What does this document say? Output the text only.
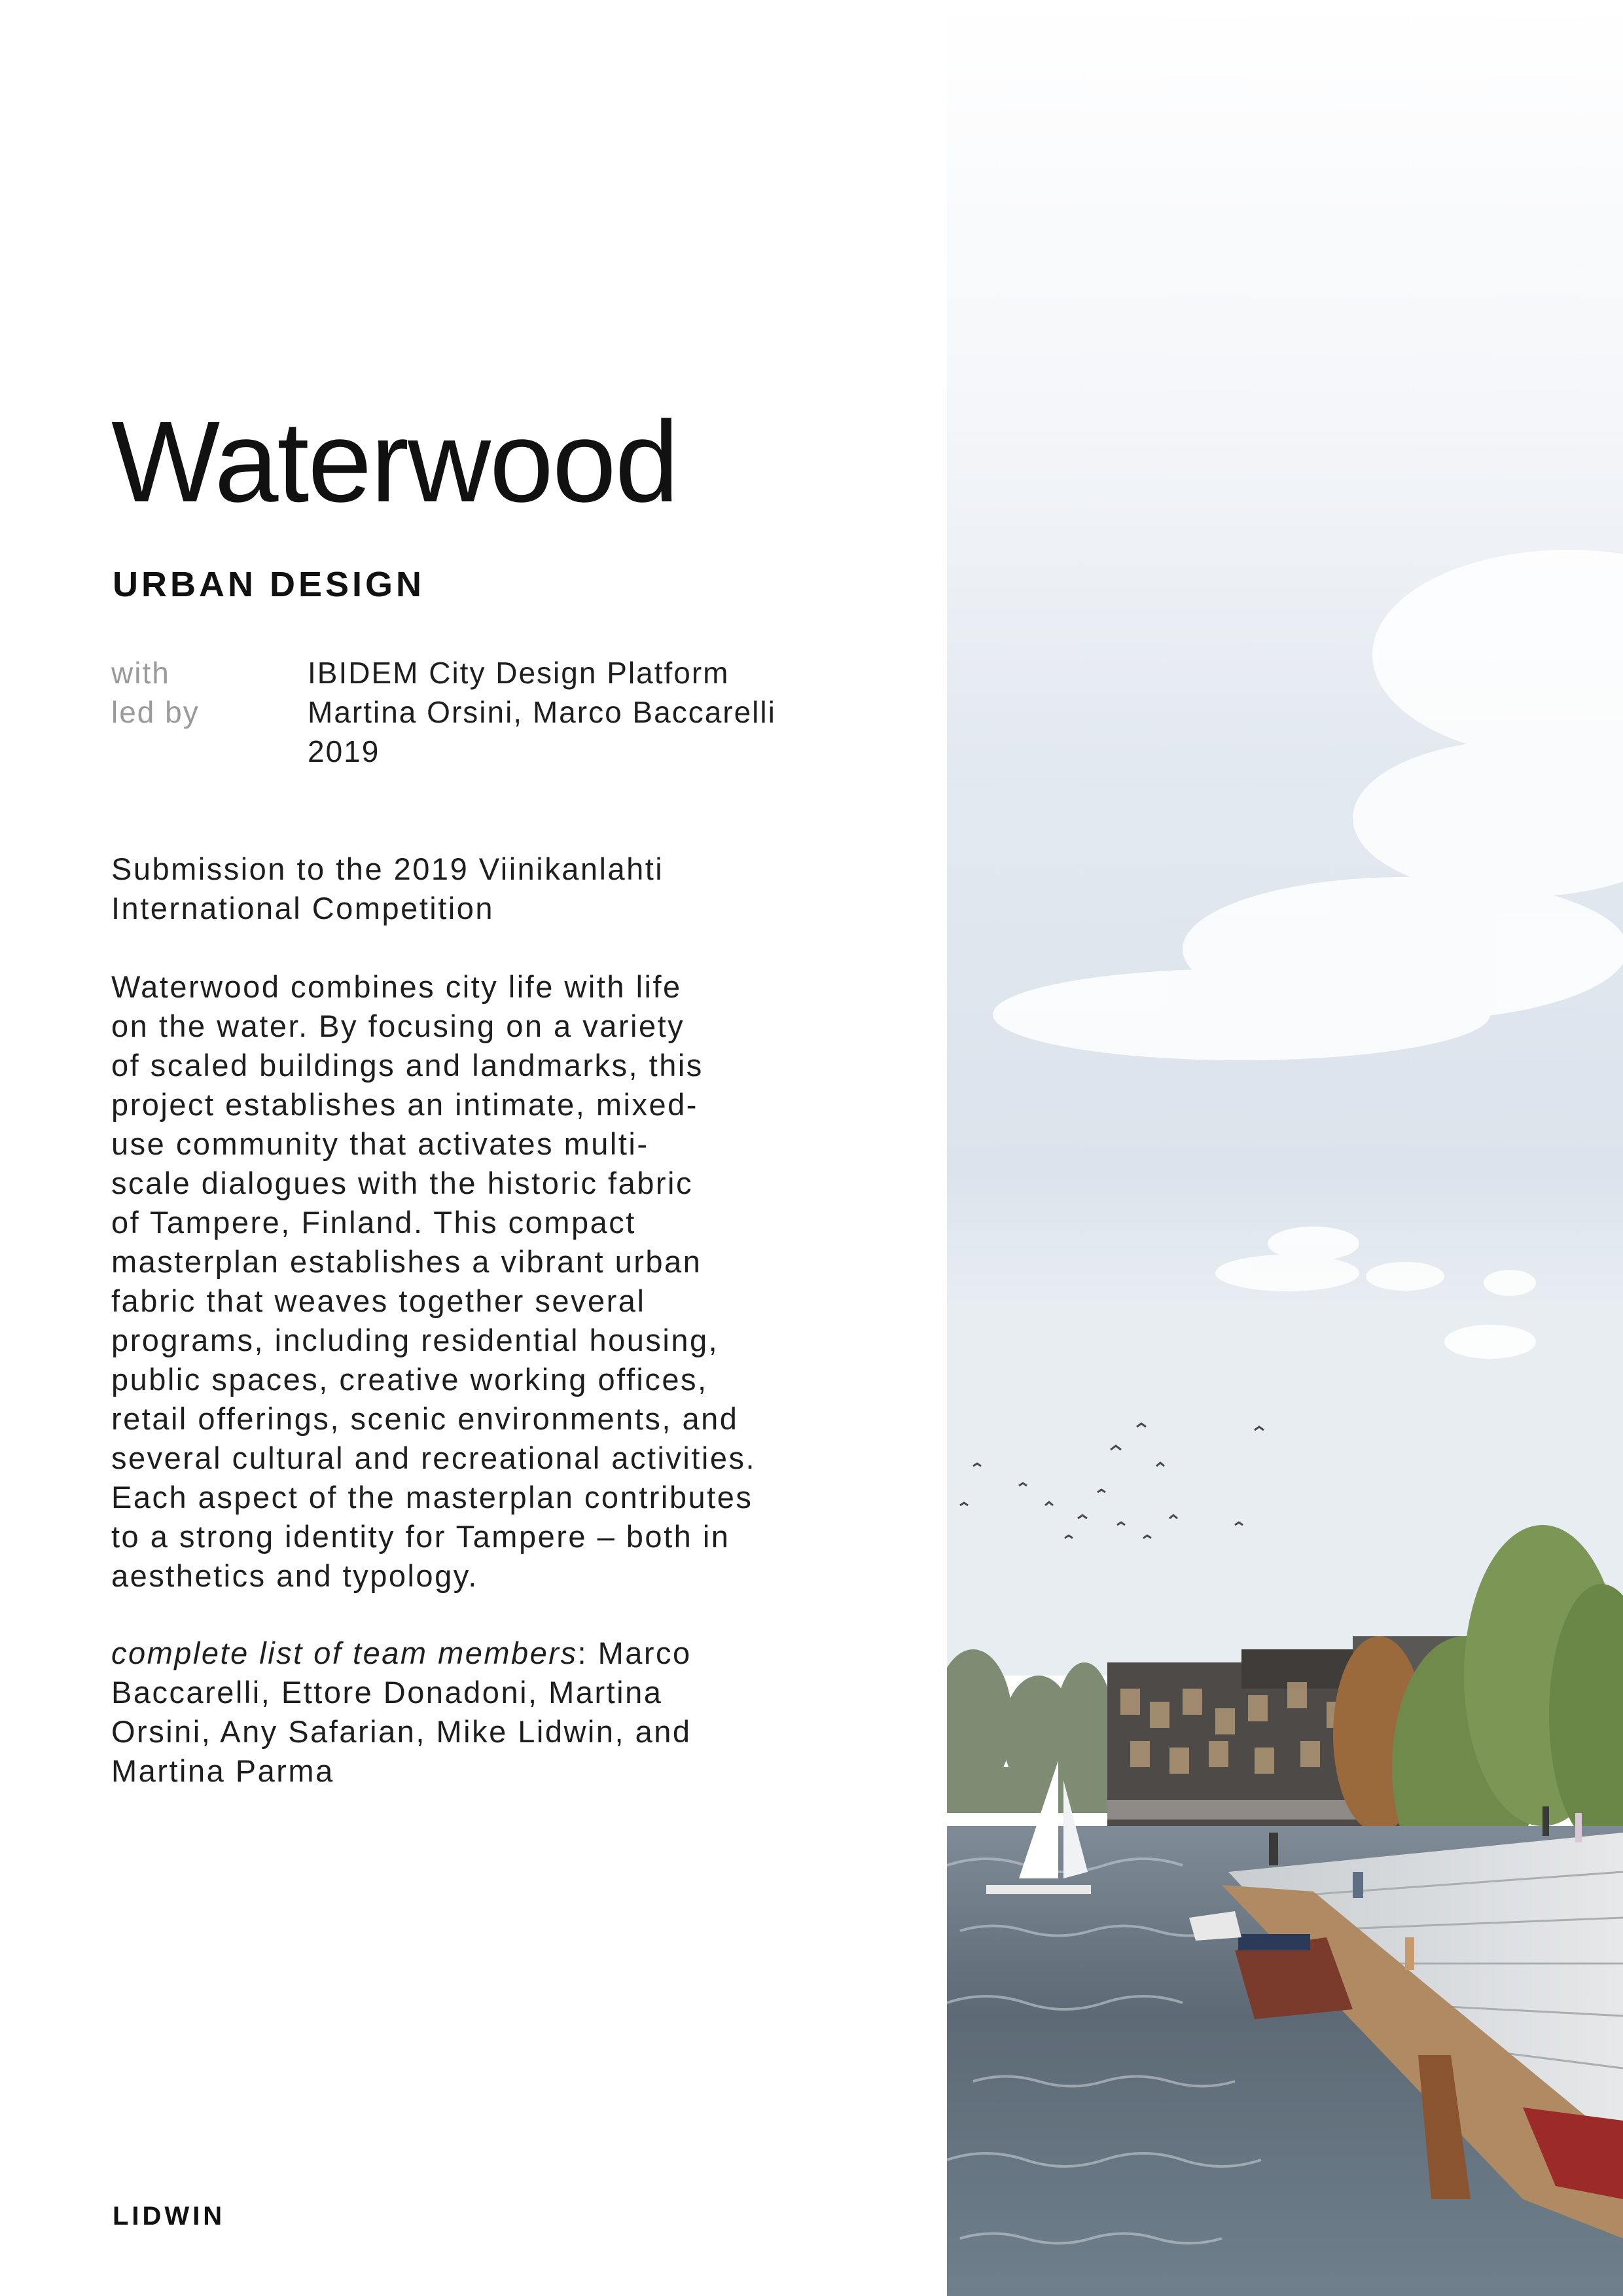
Waterwood
URBAN DESIGN
with
led by
IBIDEM City Design Platform
Martina Orsini, Marco Baccarelli
2019

Submission to the 2019 Viinikanlahti
International Competition

Waterwood combines city life with life
on the water. By focusing on a variety
of scaled buildings and landmarks, this
project establishes an intimate, mixed-
use community that activates multi-
scale dialogues with the historic fabric
of Tampere, Finland. This compact
masterplan establishes a vibrant urban
fabric that weaves together several
programs, including residential housing,
public spaces, creative working offices,
retail offerings, scenic environments, and
several cultural and recreational activities.
Each aspect of the masterplan contributes
to a strong identity for Tampere – both in
aesthetics and typology.

complete list of team members: Marco
Baccarelli, Ettore Donadoni, Martina
Orsini, Any Safarian, Mike Lidwin, and
Martina Parma

LIDWIN
